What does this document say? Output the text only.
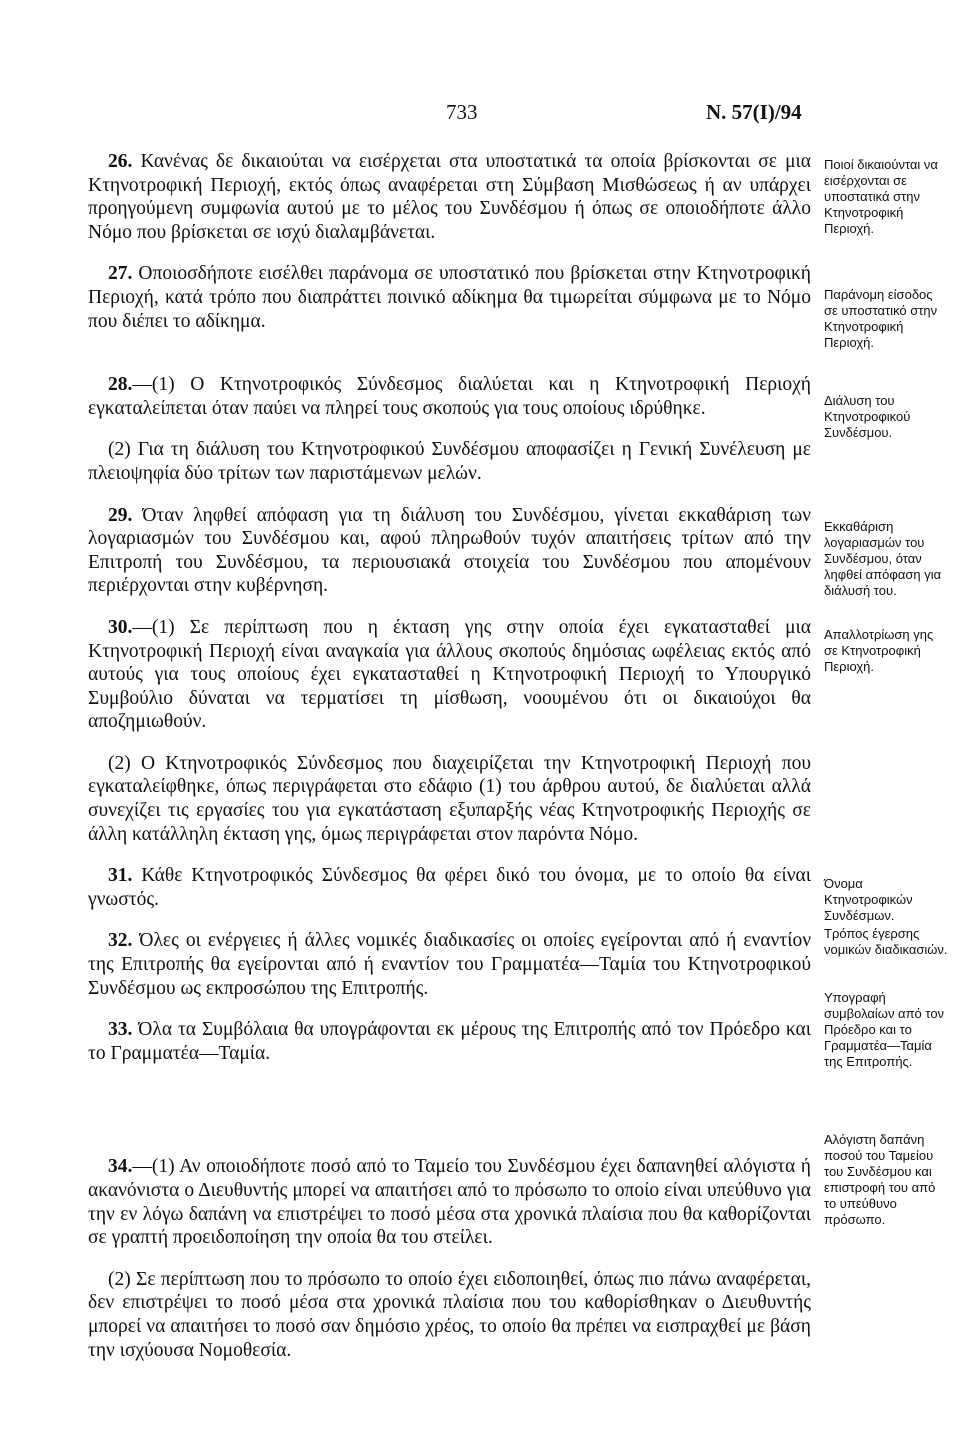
733	N. 57(I)/94

26. Κανένας δε δικαιούται να εισέρχεται στα υποστατικά τα οποία βρίσκονται σε μια Κτηνοτροφική Περιοχή, εκτός όπως αναφέρεται στη Σύμβαση Μισθώσεως ή αν υπάρχει προηγούμενη συμφωνία αυτού με το μέλος του Συνδέσμου ή όπως σε οποιοδήποτε άλλο Νόμο που βρίσκεται σε ισχύ διαλαμβάνεται.

27. Οποιοσδήποτε εισέλθει παράνομα σε υποστατικό που βρίσκεται στην Κτηνοτροφική Περιοχή, κατά τρόπο που διαπράττει ποινικό αδίκημα θα τιμωρείται σύμφωνα με το Νόμο που διέπει το αδίκημα.

28.—(1) Ο Κτηνοτροφικός Σύνδεσμος διαλύεται και η Κτηνοτροφική Περιοχή εγκαταλείπεται όταν παύει να πληρεί τους σκοπούς για τους οποίους ιδρύθηκε.

(2) Για τη διάλυση του Κτηνοτροφικού Συνδέσμου αποφασίζει η Γενική Συνέλευση με πλειοψηφία δύο τρίτων των παριστάμενων μελών.

29. Όταν ληφθεί απόφαση για τη διάλυση του Συνδέσμου, γίνεται εκκαθάριση των λογαριασμών του Συνδέσμου και, αφού πληρωθούν τυχόν απαιτήσεις τρίτων από την Επιτροπή του Συνδέσμου, τα περιουσιακά στοιχεία του Συνδέσμου που απομένουν περιέρχονται στην κυβέρνηση.

30.—(1) Σε περίπτωση που η έκταση γης στην οποία έχει εγκατασταθεί μια Κτηνοτροφική Περιοχή είναι αναγκαία για άλλους σκοπούς δημόσιας ωφέλειας εκτός από αυτούς για τους οποίους έχει εγκατασταθεί η Κτηνοτροφική Περιοχή το Υπουργικό Συμβούλιο δύναται να τερματίσει τη μίσθωση, νοουμένου ότι οι δικαιούχοι θα αποζημιωθούν.

(2) Ο Κτηνοτροφικός Σύνδεσμος που διαχειρίζεται την Κτηνοτροφική Περιοχή που εγκαταλείφθηκε, όπως περιγράφεται στο εδάφιο (1) του άρθρου αυτού, δε διαλύεται αλλά συνεχίζει τις εργασίες του για εγκατάσταση εξυπαρξής νέας Κτηνοτροφικής Περιοχής σε άλλη κατάλληλη έκταση γης, όμως περιγράφεται στον παρόντα Νόμο.

31. Κάθε Κτηνοτροφικός Σύνδεσμος θα φέρει δικό του όνομα, με το οποίο θα είναι γνωστός.

32. Όλες οι ενέργειες ή άλλες νομικές διαδικασίες οι οποίες εγείρονται από ή εναντίον της Επιτροπής θα εγείρονται από ή εναντίον του Γραμματέα—Ταμία του Κτηνοτροφικού Συνδέσμου ως εκπροσώπου της Επιτροπής.

33. Όλα τα Συμβόλαια θα υπογράφονται εκ μέρους της Επιτροπής από τον Πρόεδρο και το Γραμματέα—Ταμία.

34.—(1) Αν οποιοδήποτε ποσό από το Ταμείο του Συνδέσμου έχει δαπανηθεί αλόγιστα ή ακανόνιστα ο Διευθυντής μπορεί να απαιτήσει από το πρόσωπο το οποίο είναι υπεύθυνο για την εν λόγω δαπάνη να επιστρέψει το ποσό μέσα στα χρονικά πλαίσια που θα καθορίζονται σε γραπτή προειδοποίηση την οποία θα του στείλει.

(2) Σε περίπτωση που το πρόσωπο το οποίο έχει ειδοποιηθεί, όπως πιο πάνω αναφέρεται, δεν επιστρέψει το ποσό μέσα στα χρονικά πλαίσια που του καθορίσθηκαν ο Διευθυντής μπορεί να απαιτήσει το ποσό σαν δημόσιο χρέος, το οποίο θα πρέπει να εισπραχθεί με βάση την ισχύουσα Νομοθεσία.

Ποιοί δικαιούνται να εισέρχονται σε υποστατικά στην Κτηνοτροφική Περιοχή.
Παράνομη είσοδος σε υποστατικό στην Κτηνοτροφική Περιοχή.
Διάλυση του Κτηνοτροφικού Συνδέσμου.
Εκκαθάριση λογαριασμών του Συνδέσμου, όταν ληφθεί απόφαση για διάλυσή του.
Απαλλοτρίωση γης σε Κτηνοτροφική Περιοχή.
Όνομα Κτηνοτροφικών Συνδέσμων.
Τρόπος έγερσης νομικών διαδικασιών.
Υπογραφή συμβολαίων από τον Πρόεδρο και το Γραμματέα—Ταμία της Επιτροπής.
Αλόγιστη δαπάνη ποσού του Ταμείου του Συνδέσμου και επιστροφή του από το υπεύθυνο πρόσωπο.
